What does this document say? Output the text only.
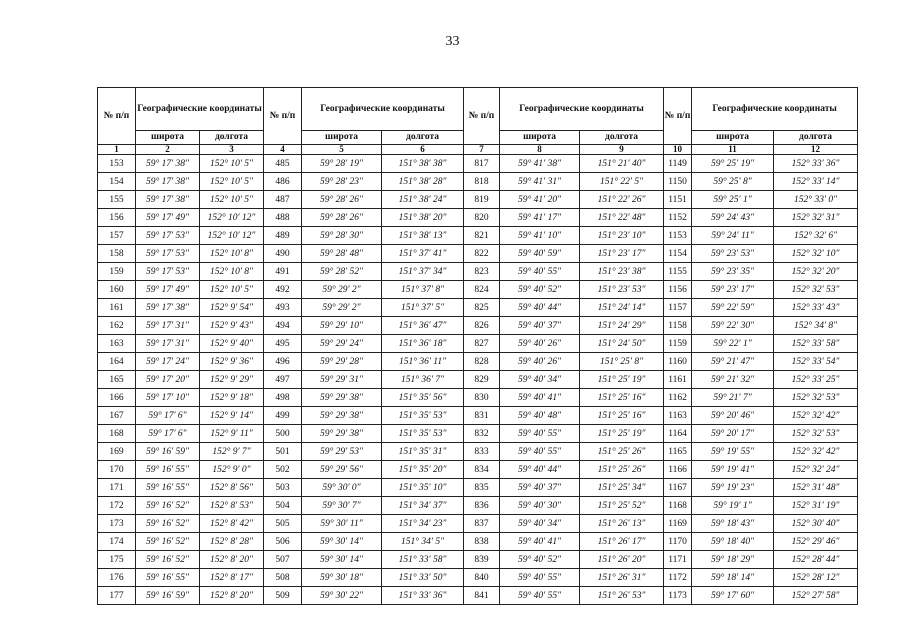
33
№ п/п	Географические координаты		№ п/п	Географические координаты		№ п/п	Географические координаты		№ п/п	Географические координаты	
	широта	долгота		широта	долгота		широта	долгота		широта	долгота
1	2	3	4	5	6	7	8	9	10	11	12
153	59° 17' 38"	152° 10' 5"	485	59° 28' 19"	151° 38' 38"	817	59° 41' 38"	151° 21' 40"	1149	59° 25' 19"	152° 33' 36"
154	59° 17' 38"	152° 10' 5"	486	59° 28' 23"	151° 38' 28"	818	59° 41' 31"	151° 22' 5"	1150	59° 25' 8"	152° 33' 14"
155	59° 17' 38"	152° 10' 5"	487	59° 28' 26"	151° 38' 24"	819	59° 41' 20"	151° 22' 26"	1151	59° 25' 1"	152° 33' 0"
156	59° 17' 49"	152° 10' 12"	488	59° 28' 26"	151° 38' 20"	820	59° 41' 17"	151° 22' 48"	1152	59° 24' 43"	152° 32' 31"
157	59° 17' 53"	152° 10' 12"	489	59° 28' 30"	151° 38' 13"	821	59° 41' 10"	151° 23' 10"	1153	59° 24' 11"	152° 32' 6"
158	59° 17' 53"	152° 10' 8"	490	59° 28' 48"	151° 37' 41"	822	59° 40' 59"	151° 23' 17"	1154	59° 23' 53"	152° 32' 10"
159	59° 17' 53"	152° 10' 8"	491	59° 28' 52"	151° 37' 34"	823	59° 40' 55"	151° 23' 38"	1155	59° 23' 35"	152° 32' 20"
160	59° 17' 49"	152° 10' 5"	492	59° 29' 2"	151° 37' 8"	824	59° 40' 52"	151° 23' 53"	1156	59° 23' 17"	152° 32' 53"
161	59° 17' 38"	152° 9' 54"	493	59° 29' 2"	151° 37' 5"	825	59° 40' 44"	151° 24' 14"	1157	59° 22' 59"	152° 33' 43"
162	59° 17' 31"	152° 9' 43"	494	59° 29' 10"	151° 36' 47"	826	59° 40' 37"	151° 24' 29"	1158	59° 22' 30"	152° 34' 8"
163	59° 17' 31"	152° 9' 40"	495	59° 29' 24"	151° 36' 18"	827	59° 40' 26"	151° 24' 50"	1159	59° 22' 1"	152° 33' 58"
164	59° 17' 24"	152° 9' 36"	496	59° 29' 28"	151° 36' 11"	828	59° 40' 26"	151° 25' 8"	1160	59° 21' 47"	152° 33' 54"
165	59° 17' 20"	152° 9' 29"	497	59° 29' 31"	151° 36' 7"	829	59° 40' 34"	151° 25' 19"	1161	59° 21' 32"	152° 33' 25"
166	59° 17' 10"	152° 9' 18"	498	59° 29' 38"	151° 35' 56"	830	59° 40' 41"	151° 25' 16"	1162	59° 21' 7"	152° 32' 53"
167	59° 17' 6"	152° 9' 14"	499	59° 29' 38"	151° 35' 53"	831	59° 40' 48"	151° 25' 16"	1163	59° 20' 46"	152° 32' 42"
168	59° 17' 6"	152° 9' 11"	500	59° 29' 38"	151° 35' 53"	832	59° 40' 55"	151° 25' 19"	1164	59° 20' 17"	152° 32' 53"
169	59° 16' 59"	152° 9' 7"	501	59° 29' 53"	151° 35' 31"	833	59° 40' 55"	151° 25' 26"	1165	59° 19' 55"	152° 32' 42"
170	59° 16' 55"	152° 9' 0"	502	59° 29' 56"	151° 35' 20"	834	59° 40' 44"	151° 25' 26"	1166	59° 19' 41"	152° 32' 24"
171	59° 16' 55"	152° 8' 56"	503	59° 30' 0"	151° 35' 10"	835	59° 40' 37"	151° 25' 34"	1167	59° 19' 23"	152° 31' 48"
172	59° 16' 52"	152° 8' 53"	504	59° 30' 7"	151° 34' 37"	836	59° 40' 30"	151° 25' 52"	1168	59° 19' 1"	152° 31' 19"
173	59° 16' 52"	152° 8' 42"	505	59° 30' 11"	151° 34' 23"	837	59° 40' 34"	151° 26' 13"	1169	59° 18' 43"	152° 30' 40"
174	59° 16' 52"	152° 8' 28"	506	59° 30' 14"	151° 34' 5"	838	59° 40' 41"	151° 26' 17"	1170	59° 18' 40"	152° 29' 46"
175	59° 16' 52"	152° 8' 20"	507	59° 30' 14"	151° 33' 58"	839	59° 40' 52"	151° 26' 20"	1171	59° 18' 29"	152° 28' 44"
176	59° 16' 55"	152° 8' 17"	508	59° 30' 18"	151° 33' 50"	840	59° 40' 55"	151° 26' 31"	1172	59° 18' 14"	152° 28' 12"
177	59° 16' 59"	152° 8' 20"	509	59° 30' 22"	151° 33' 36"	841	59° 40' 55"	151° 26' 53"	1173	59° 17' 60"	152° 27' 58"
